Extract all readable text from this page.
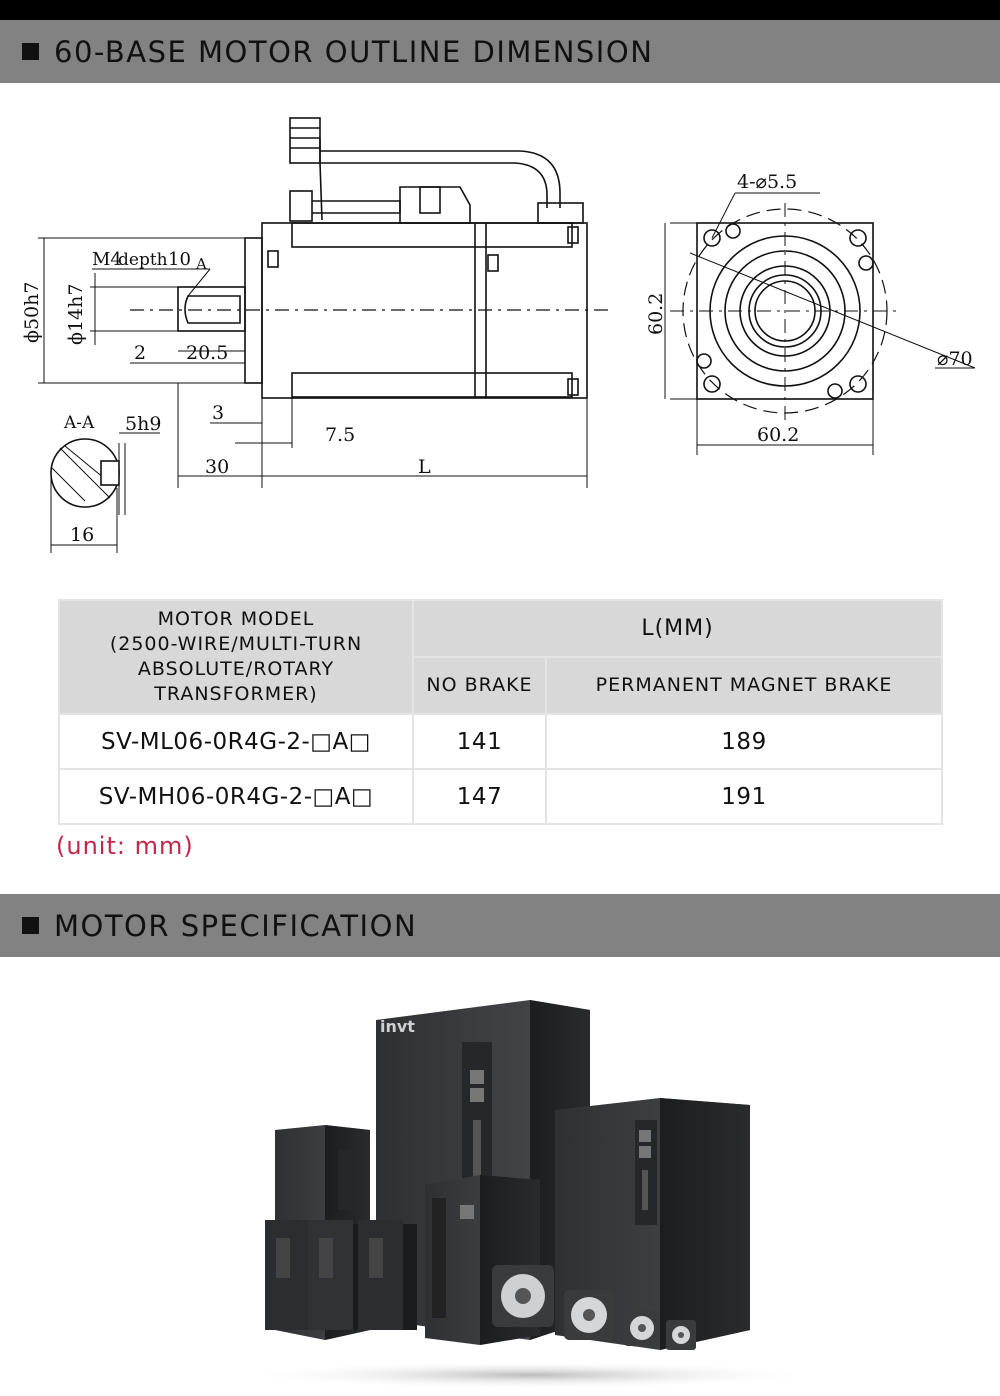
60-BASE MOTOR OUTLINE DIMENSION
M4
depth 10 A
ϕ50h7 ϕ14h7
2 20.5
3
7.5
30	L
A-A 5h9
16
4-⌀5.5
60.2
60.2
⌀70
MOTOR MODEL
(2500-WIRE/MULTI-TURN
ABSOLUTE/ROTARY
TRANSFORMER)	L(MM)	
	NO BRAKE	PERMANENT MAGNET BRAKE
SV-ML06-0R4G-2-□A□	141	189
SV-MH06-0R4G-2-□A□	147	191
(unit: mm)
MOTOR SPECIFICATION
invt
